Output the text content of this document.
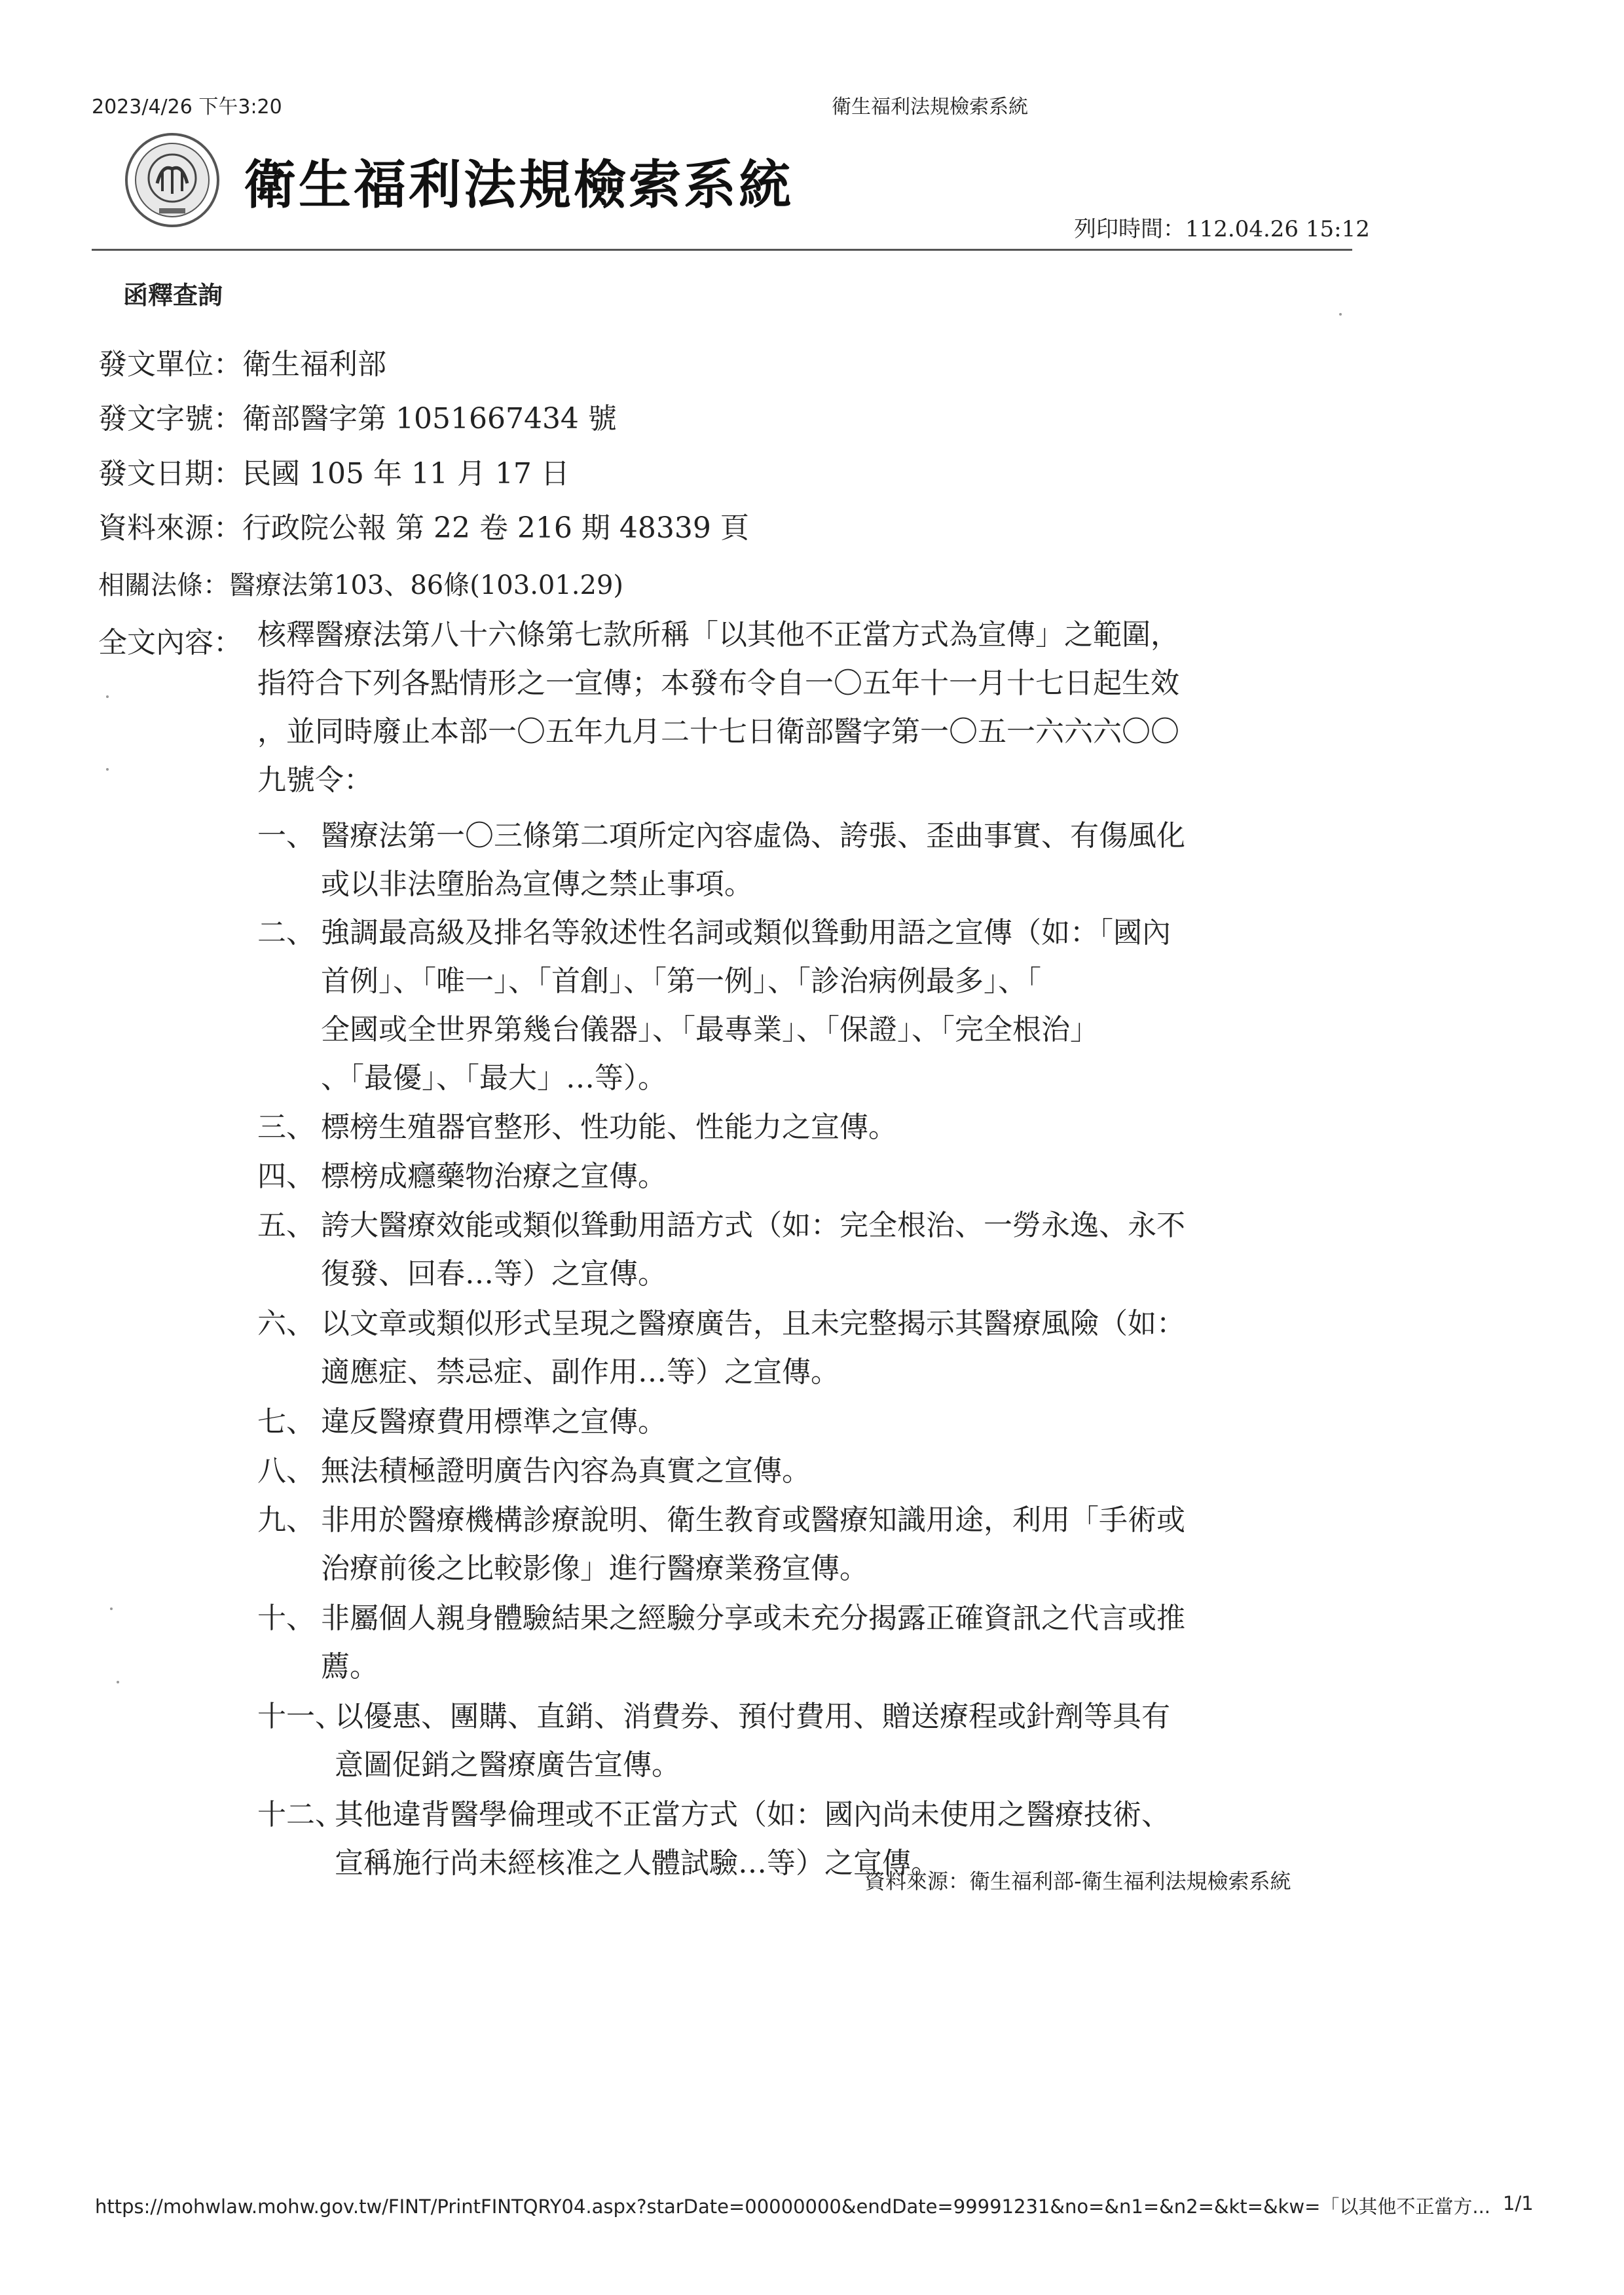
2023/4/26 下午3:20	衛生福利法規檢索系統
衛生福利法規檢索系統
列印時間：112.04.26 15:12
函釋查詢
發文單位：衛生福利部
發文字號：衛部醫字第 1051667434 號
發文日期：民國 105 年 11 月 17 日
資料來源：行政院公報 第 22 卷 216 期 48339 頁
相關法條：醫療法第103、86條(103.01.29)
全文內容： 核釋醫療法第八十六條第七款所稱「以其他不正當方式為宣傳」之範圍，
指符合下列各點情形之一宣傳；本發布令自一〇五年十一月十七日起生效
，並同時廢止本部一〇五年九月二十七日衛部醫字第一〇五一六六六〇〇
九號令：
一、 醫療法第一〇三條第二項所定內容虛偽、誇張、歪曲事實、有傷風化
或以非法墮胎為宣傳之禁止事項。
二、 強調最高級及排名等敘述性名詞或類似聳動用語之宣傳（如：「國內
首例」、「唯一」、「首創」、「第一例」、「診治病例最多」、「
全國或全世界第幾台儀器」、「最專業」、「保證」、「完全根治」
、「最優」、「最大」…等）。
三、 標榜生殖器官整形、性功能、性能力之宣傳。
四、 標榜成癮藥物治療之宣傳。
五、 誇大醫療效能或類似聳動用語方式（如：完全根治、一勞永逸、永不
復發、回春…等）之宣傳。
六、 以文章或類似形式呈現之醫療廣告，且未完整揭示其醫療風險（如：
適應症、禁忌症、副作用…等）之宣傳。
七、 違反醫療費用標準之宣傳。
八、 無法積極證明廣告內容為真實之宣傳。
九、 非用於醫療機構診療說明、衛生教育或醫療知識用途，利用「手術或
治療前後之比較影像」進行醫療業務宣傳。
十、 非屬個人親身體驗結果之經驗分享或未充分揭露正確資訊之代言或推
薦。
十一、
以優惠、團購、直銷、消費券、預付費用、贈送療程或針劑等具有
意圖促銷之醫療廣告宣傳。
十二、
其他違背醫學倫理或不正當方式（如：國內尚未使用之醫療技術、
宣稱施行尚未經核准之人體試驗…等）之宣傳。
資料來源：衛生福利部-衛生福利法規檢索系統
https://mohwlaw.mohw.gov.tw/FINT/PrintFINTQRY04.aspx?starDate=00000000&endDate=99991231&no=&n1=&n2=&kt=&kw=「以其他不正當方... 1/1
